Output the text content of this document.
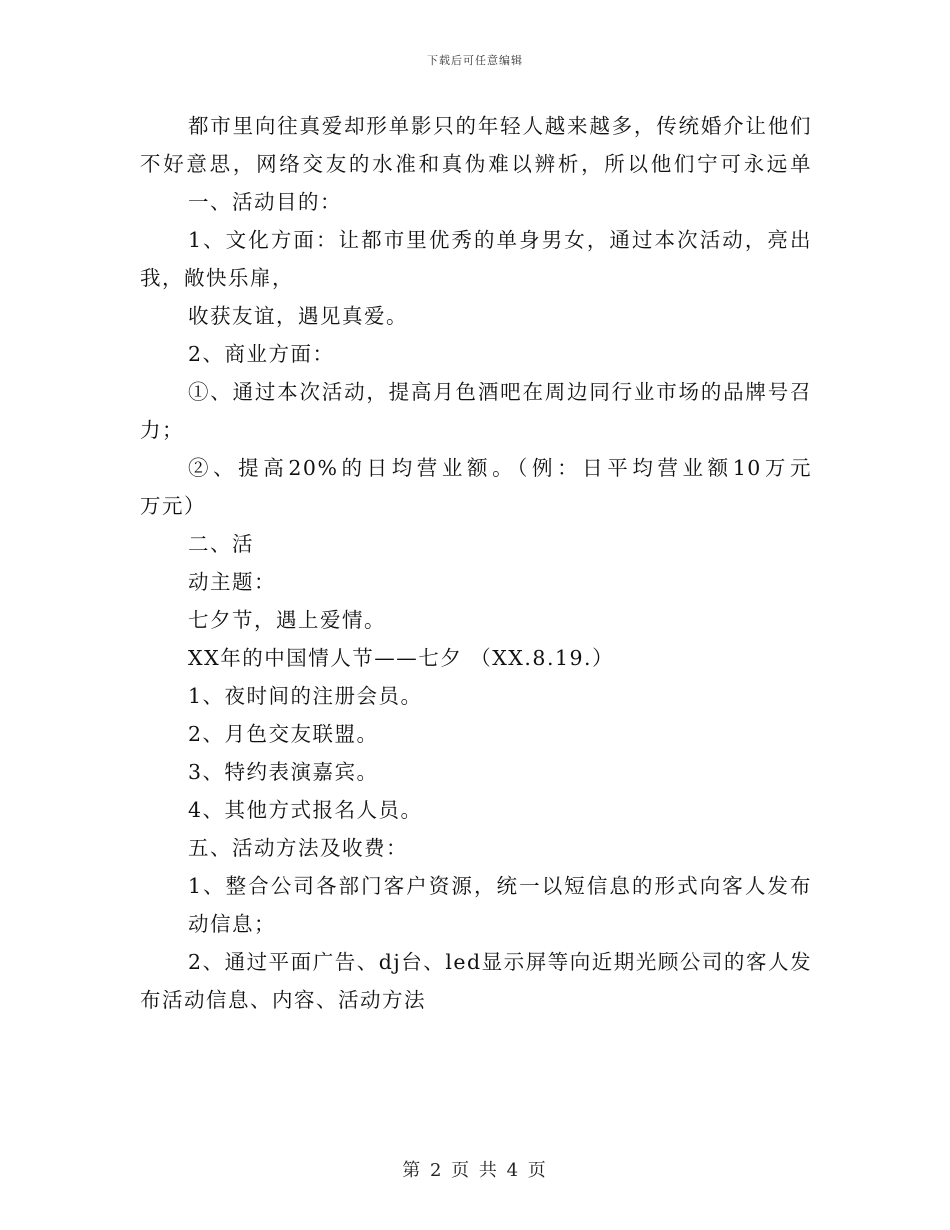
下载后可任意编辑
都市里向往真爱却形单影只的年轻人越来越多，传统婚介让他们
不好意思，网络交友的水准和真伪难以辨析，所以他们宁可永远单
一、活动目的：
1、文化方面：让都市里优秀的单身男女，通过本次活动，亮出
我，敞快乐扉，
收获友谊，遇见真爱。
2、商业方面：
①、通过本次活动，提高月色酒吧在周边同行业市场的品牌号召
力；
②、提高20%的日均营业额。（例：日平均营业额10万元
万元）
二、活
动主题：
七夕节，遇上爱情。
XX年的中国情人节——七夕 （XX.8.19.）
1、夜时间的注册会员。
2、月色交友联盟。
3、特约表演嘉宾。
4、其他方式报名人员。
五、活动方法及收费：
1、整合公司各部门客户资源，统一以短信息的形式向客人发布
动信息；
2、通过平面广告、dj台、led显示屏等向近期光顾公司的客人发
布活动信息、内容、活动方法
第 2 页 共 4 页
